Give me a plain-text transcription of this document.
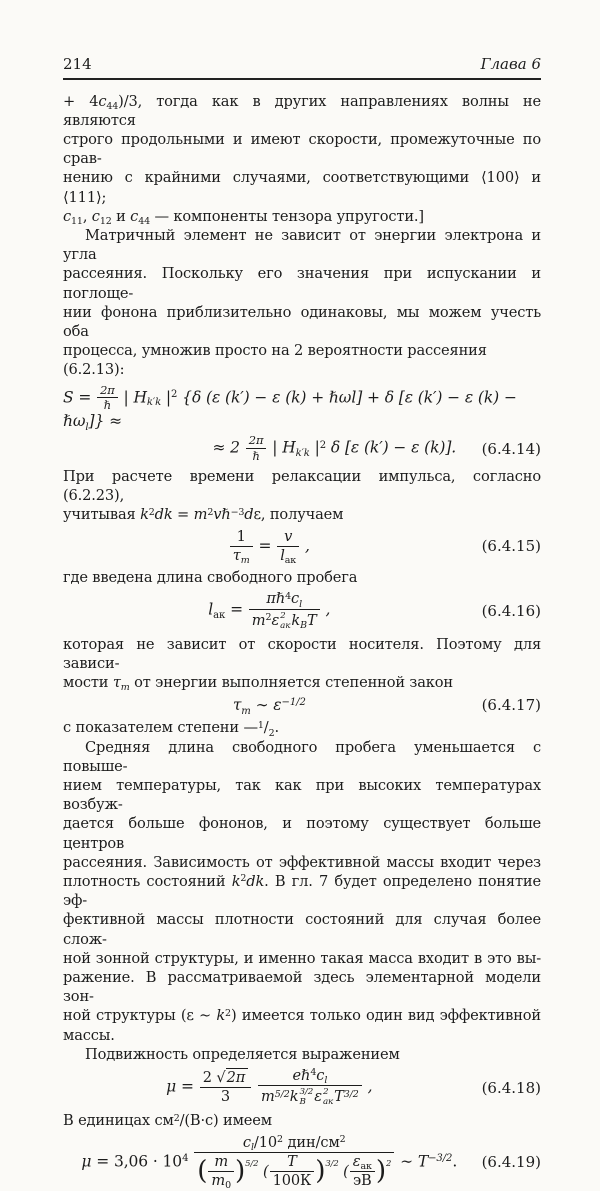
214	Глава 6
+ $4c_{44})/3$, тогда как в других направлениях волны не являются
строго продольными и имеют скорости, промежуточные по срав-
нению с крайними случаями, соответствующими ⟨100⟩ и ⟨111⟩;
$c_{11}$, $c_{12}$ и $c_{44}$ — компоненты тензора упругости.]
Матричный элемент не зависит от энергии электрона и угла
рассеяния. Поскольку его значения при испускании и поглоще-
нии фонона приблизительно одинаковы, мы можем учесть оба
процесса, умножив просто на 2 вероятности рассеяния (6.2.13):
$S = \frac{2\pi}{\text{ℏ}}$ | $H_{k'k}$ $|^2$ {δ (ε (k′) − ε (k) + ℏωl] + δ [ε (k′) − ε (k) − ℏω$_l$]} ≈
≈ $2 \frac{2\pi}{\text{ℏ}}$ | $H_{k'k}$ $|^2$ δ [ε (k′) − ε (k)].	(6.4.14)
При расчете времени релаксации импульса, согласно (6.2.23),
учитывая $k^2dk$ = $m^2v\hbar^{-3}d\varepsilon$, получаем
$\frac{1}{\tau_m} = \frac{v}{l_{ак}}$ ,	(6.4.15)
где введена длина свободного пробега
$l_{ак}$ = $\pi\hbar^4c_l$
$m^2\varepsilon$ 2
ак $k_BT$ ,	(6.4.16)
которая не зависит от скорости носителя. Поэтому для зависи-
мости $\tau_m$ от энергии выполняется степенной закон
$\tau_m$ ∼ $\varepsilon^{-1/2}$	(6.4.17)
с показателем степени $—^1/_2$.
Средняя длина свободного пробега уменьшается с повыше-
нием температуры, так как при высоких температурах возбуж-
дается больше фононов, и поэтому существует больше центров
рассеяния. Зависимость от эффективной массы входит через
плотность состояний $k^2dk$. В гл. 7 будет определено понятие эф-
фективной массы плотности состояний для случая более слож-
ной зонной структуры, и именно такая масса входит в это вы-
ражение. В рассматриваемой здесь элементарной модели зон-
ной структуры (ε ∼ $k^2$) имеется только один вид эффективной
массы.
Подвижность определяется выражением
$\mu = \frac{2 √2\pi}{3}$
$e\hbar^4c_l$
$m^{5/2}k$ 3/2
B ε 2
ак $T^{3/2}$ ,	(6.4.18)
В единицах $см^2/(В\cdot с)$ имеем
$\mu = 3,06 \cdot 10^4 \frac{c_l/10^2 дин/см^2}{( \frac{m}{m_0} )^{5/2} ( \frac{T}{100К} )^{3/2} ( \frac{\varepsilon_{ак}}{эВ} )^2}$ ∼ $T^{-3/2}$.	(6.4.19)
